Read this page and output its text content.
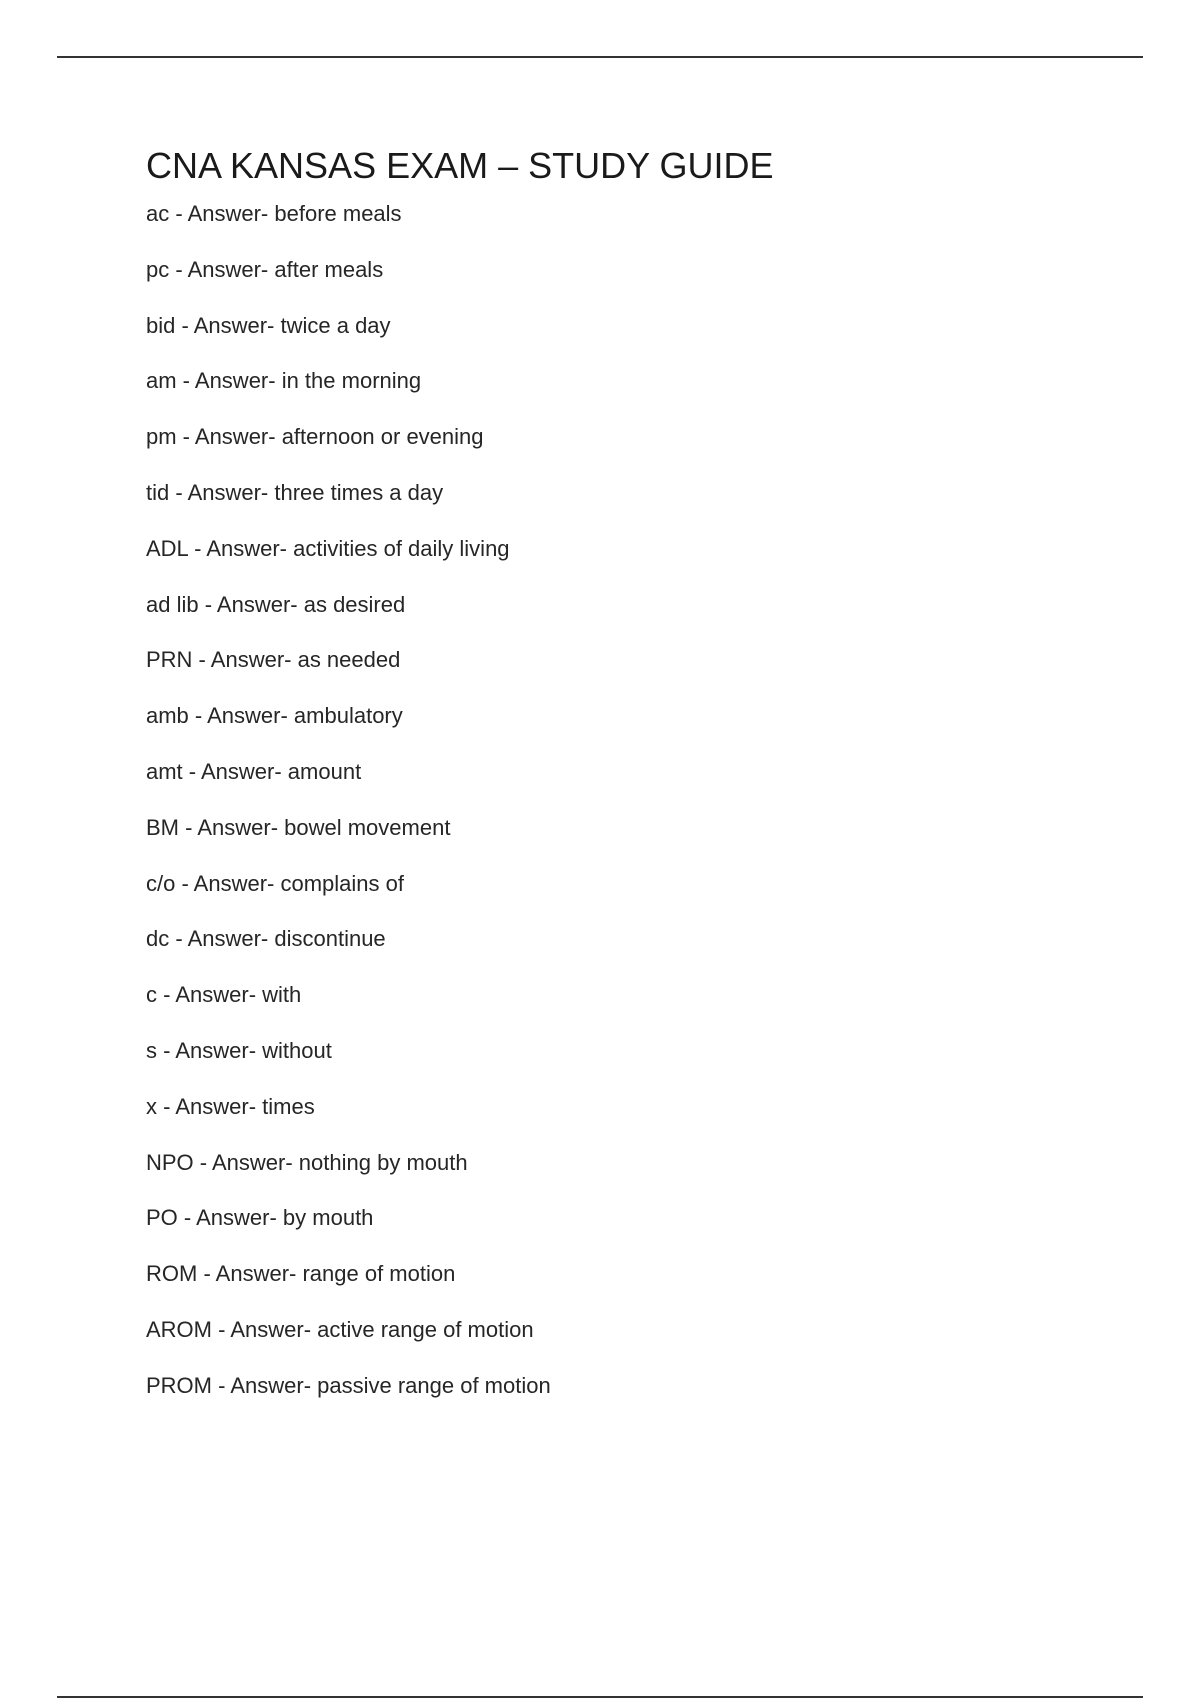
CNA KANSAS EXAM – STUDY GUIDE
ac - Answer- before meals
pc - Answer- after meals
bid - Answer- twice a day
am - Answer- in the morning
pm - Answer- afternoon or evening
tid - Answer- three times a day
ADL - Answer- activities of daily living
ad lib - Answer- as desired
PRN - Answer- as needed
amb - Answer- ambulatory
amt - Answer- amount
BM - Answer- bowel movement
c/o - Answer- complains of
dc - Answer- discontinue
c - Answer- with
s - Answer- without
x - Answer- times
NPO - Answer- nothing by mouth
PO - Answer- by mouth
ROM - Answer- range of motion
AROM - Answer- active range of motion
PROM - Answer- passive range of motion
